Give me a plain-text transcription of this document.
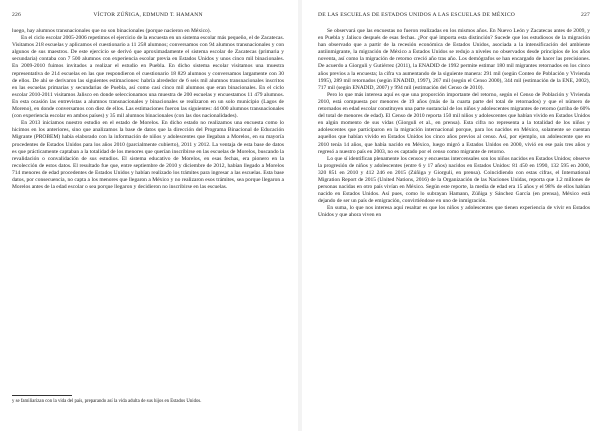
226	VÍCTOR ZÚÑIGA, EDMUND T. HAMANN

luego, hay alumnos transnacionales que no son binacionales (porque nacieron en México).

En el ciclo escolar 2005-2006 repetimos el ejercicio de la encuesta en un sistema escolar más pequeño, el de Zacatecas. Visitamos 218 escuelas y aplicamos el cuestionario a 11 258 alumnos; conversamos con 94 alumnos transnacionales y con algunos de sus maestros. De este ejercicio se derivó que aproximadamente el sistema escolar de Zacatecas (primaria y secundaria) contaba con 7 500 alumnos con experiencia escolar previa en Estados Unidos y unos cinco mil binacionales. En 2009-2010 fuimos invitados a realizar el estudio en Puebla. En dicho sistema escolar visitamos una muestra representativa de 214 escuelas en las que respondieron el cuestionario 18 829 alumnos y conversamos largamente con 30 de ellos. De ahí se derivaron las siguientes estimaciones: habría alrededor de 6 seis mil alumnos transnacionales inscritos en las escuelas primarias y secundarias de Puebla, así como casi cinco mil alumnos que eran binacionales. En el ciclo escolar 2010-2011 visitamos Jalisco en donde seleccionamos una muestra de 200 escuelas y encuestamos 11 479 alumnos. En esta ocasión las entrevistas a alumnos transnacionales y binacionales se realizaron en un solo municipio (Lagos de Moreno), en donde conversamos con diez de ellos. Las estimaciones fueron las siguientes: 44 000 alumnos transnacionales (con experiencia escolar en ambos países) y 35 mil alumnos binacionales (con las dos nacionalidades).

En 2013 iniciamos nuestro estudio en el estado de Morelos. En dicho estado no realizamos una encuesta como lo hicimos en los anteriores, sino que analizamos la base de datos que la dirección del Programa Binacional de Educación Migrante (PROBEM) había elaborado con la información de niños y adolescentes que llegaban a Morelos, en su mayoría procedentes de Estados Unidos para los años 2010 (parcialmente cubierto), 2011 y 2012. La ventaja de esta base de datos es que prácticamente captaban a la totalidad de los menores que querían inscribirse en las escuelas de Morelos, buscando la revalidación o convalidación de sus estudios. El sistema educativo de Morelos, en esas fechas, era pionero en la recolección de estos datos. El resultado fue que, entre septiembre de 2010 y diciembre de 2012, habían llegado a Morelos 714 menores de edad procedentes de Estados Unidos y habían realizado los trámites para ingresar a las escuelas. Esta base datos, por consecuencia, no capta a los menores que llegaron a México y no realizaron esos trámites, sea porque llegaron a Morelos antes de la edad escolar o sea porque llegaron y decidieron no inscribirse en las escuelas.

y se familiarizan con la vida del país, preparando así la vida adulta de sus hijos en Estados Unidos.
DE LAS ESCUELAS DE ESTADOS UNIDOS A LAS ESCUELAS DE MÉXICO	227

Se observará que las encuestas no fueron realizadas en los mismos años. En Nuevo León y Zacatecas antes de 2009, y en Puebla y Jalisco después de esas fechas. ¿Por qué importa esta distinción? Sucede que los estudiosos de la migración han observado que a partir de la recesión económica de Estados Unidos, asociada a la intensificación del ambiente antiinmigrante, la migración de México a Estados Unidos se redujo a niveles no observados desde principios de los años noventa, así como la migración de retorno creció año tras año. Los demógrafos se han encargado de hacer las precisiones. De acuerdo a Giorguli y Gutiérrez (2011), la ENADID de 1992 permite estimar 180 mil migrantes retornados en los cinco años previos a la encuesta; la cifra va aumentando de la siguiente manera: 291 mil (según Conteo de Población y Vivienda 1995), 289 mil retornados (según ENADID, 1997), 267 mil (según el Censo 2000), 344 mil (estimación de la ENE, 2002), 717 mil (según ENADID, 2007) y 994 mil (estimación del Censo de 2010).

Pero lo que más interesa aquí es que una proporción importante del retorno, según el Censo de Población y Vivienda 2010, está compuesta por menores de 19 años (más de la cuarta parte del total de retornados) y que el número de retornados en edad escolar constituyen una parte sustancial de los niños y adolescentes migrantes de retorno (arriba de 60% del total de menores de edad). El Censo de 2010 reporta 150 mil niños y adolescentes que habían vivido en Estados Unidos en algún momento de sus vidas (Giorguli et al., en prensa). Esta cifra no representa a la totalidad de los niños y adolescentes que participaron en la migración internacional porque, para los nacidos en México, solamente se cuentan aquellos que habían vivido en Estados Unidos los cinco años previos al censo. Así, por ejemplo, un adolescente que en 2010 tenía 14 años, que había nacido en México, luego migró a Estados Unidos en 2000, vivió en ese país tres años y regresó a nuestro país en 2003, no es captado por el censo como migrante de retorno.

Lo que sí identifican plenamente los censos y encuestas intercensales son los niños nacidos en Estados Unidos; observe la progresión de niños y adolescentes (entre 6 y 17 años) nacidos en Estados Unidos: 81 450 en 1990, 132 595 en 2000, 320 851 en 2010 y 412 246 en 2015 (Zúñiga y Giorguli, en prensa). Coincidiendo con estas cifras, el International Migration Report de 2015 (United Nations, 2016) de la Organización de las Naciones Unidas, reporta que 1.2 millones de personas nacidas en otro país vivían en México. Según este reporte, la media de edad era 15 años y el 98% de ellos habían nacido en Estados Unidos. Así pues, como lo subrayan Hamann, Zúñiga y Sánchez García (en prensa), México está dejando de ser un país de emigración, convirtiéndose en uno de inmigración.

En suma, lo que nos interesa aquí resaltar es que los niños y adolescentes que tienen experiencia de vivir en Estados Unidos y que ahora viven en
